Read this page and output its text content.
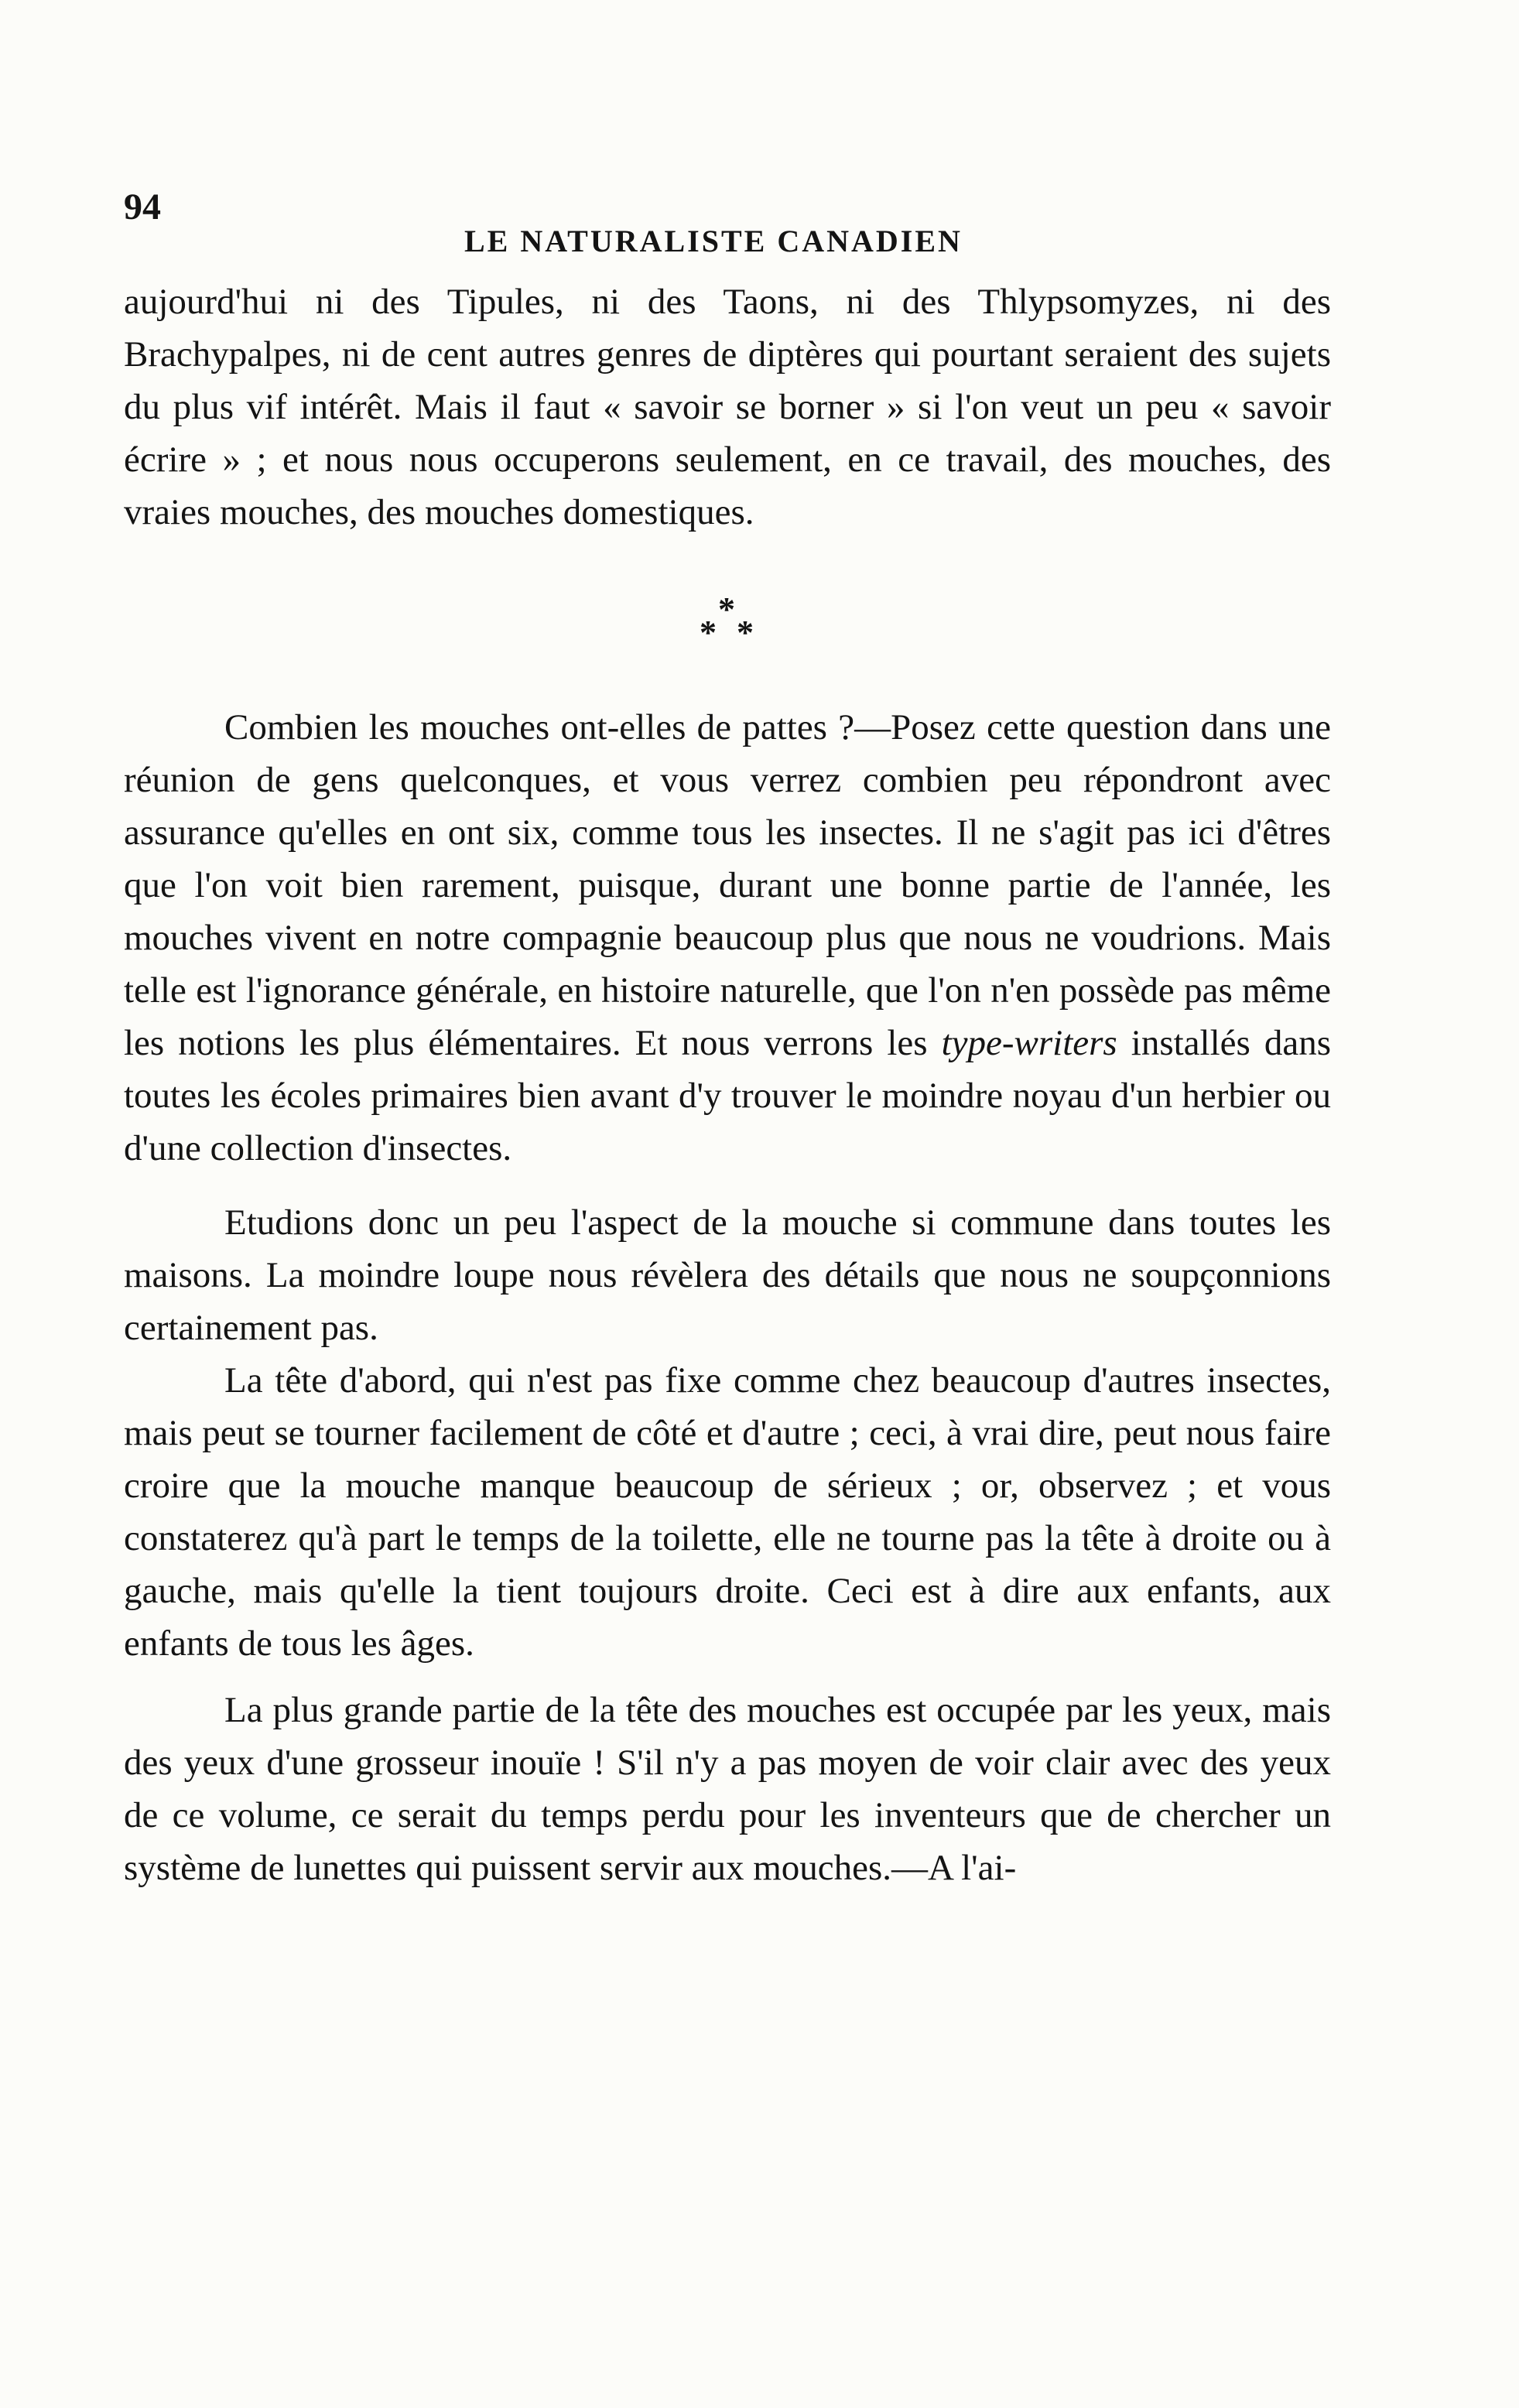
94
LE NATURALISTE CANADIEN

aujourd'hui ni des Tipules, ni des Taons, ni des Thlypsomyzes, ni des Brachypalpes, ni de cent autres genres de diptères qui pourtant seraient des sujets du plus vif intérêt. Mais il faut « savoir se borner » si l'on veut un peu « savoir écrire » ; et nous nous occuperons seulement, en ce travail, des mouches, des vraies mouches, des mouches domestiques.

*
* *

Combien les mouches ont-elles de pattes ?—Posez cette question dans une réunion de gens quelconques, et vous verrez combien peu répondront avec assurance qu'elles en ont six, comme tous les insectes. Il ne s'agit pas ici d'êtres que l'on voit bien rarement, puisque, durant une bonne partie de l'année, les mouches vivent en notre compagnie beaucoup plus que nous ne voudrions. Mais telle est l'ignorance générale, en histoire naturelle, que l'on n'en possède pas même les notions les plus élémentaires. Et nous verrons les type-writers installés dans toutes les écoles primaires bien avant d'y trouver le moindre noyau d'un herbier ou d'une collection d'insectes.

Etudions donc un peu l'aspect de la mouche si commune dans toutes les maisons. La moindre loupe nous révèlera des détails que nous ne soupçonnions certainement pas.

La tête d'abord, qui n'est pas fixe comme chez beaucoup d'autres insectes, mais peut se tourner facilement de côté et d'autre ; ceci, à vrai dire, peut nous faire croire que la mouche manque beaucoup de sérieux ; or, observez ; et vous constaterez qu'à part le temps de la toilette, elle ne tourne pas la tête à droite ou à gauche, mais qu'elle la tient toujours droite. Ceci est à dire aux enfants, aux enfants de tous les âges.

La plus grande partie de la tête des mouches est occupée par les yeux, mais des yeux d'une grosseur inouïe ! S'il n'y a pas moyen de voir clair avec des yeux de ce volume, ce serait du temps perdu pour les inventeurs que de chercher un système de lunettes qui puissent servir aux mouches.—A l'ai-
